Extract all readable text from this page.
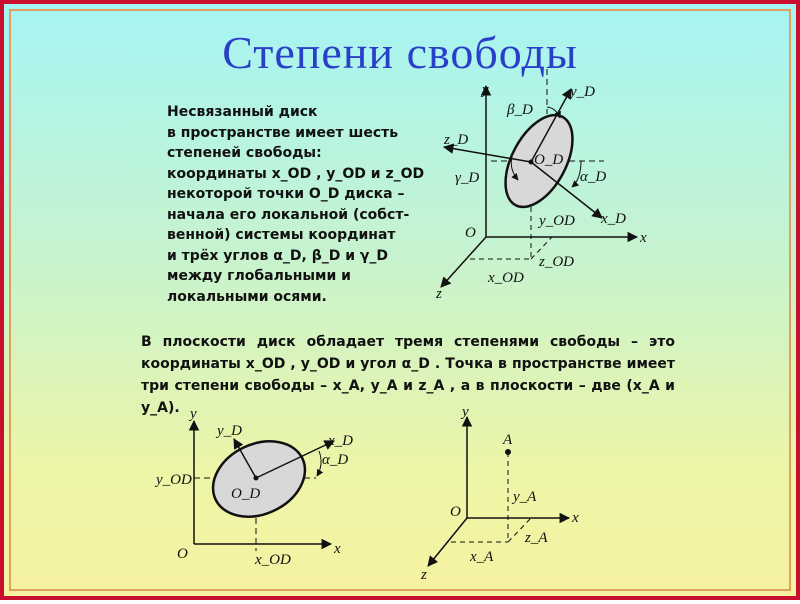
Степени свободы
Несвязанный диск
в пространстве имеет шесть
степеней свободы:
координаты x_OD , y_OD и z_OD
некоторой точки O_D диска –
начала его локальной (собст-
венной) системы координат
и трёх углов α_D, β_D и γ_D
между глобальными и
локальными осями.
В плоскости диск обладает тремя степенями свободы – это координаты x_OD , y_OD и угол α_D . Точка в пространстве имеет три степени свободы – x_A, y_A и z_A , а в плоскости – две (x_A и y_A).
y
x
z
O
y_D
x_D
z_D
β_D
α_D
γ_D
O_D
y_OD
z_OD
x_OD
y
x
O
y_D
x_D
α_D
O_D
y_OD
x_OD
y
x
z
O
A
y_A
z_A
x_A
